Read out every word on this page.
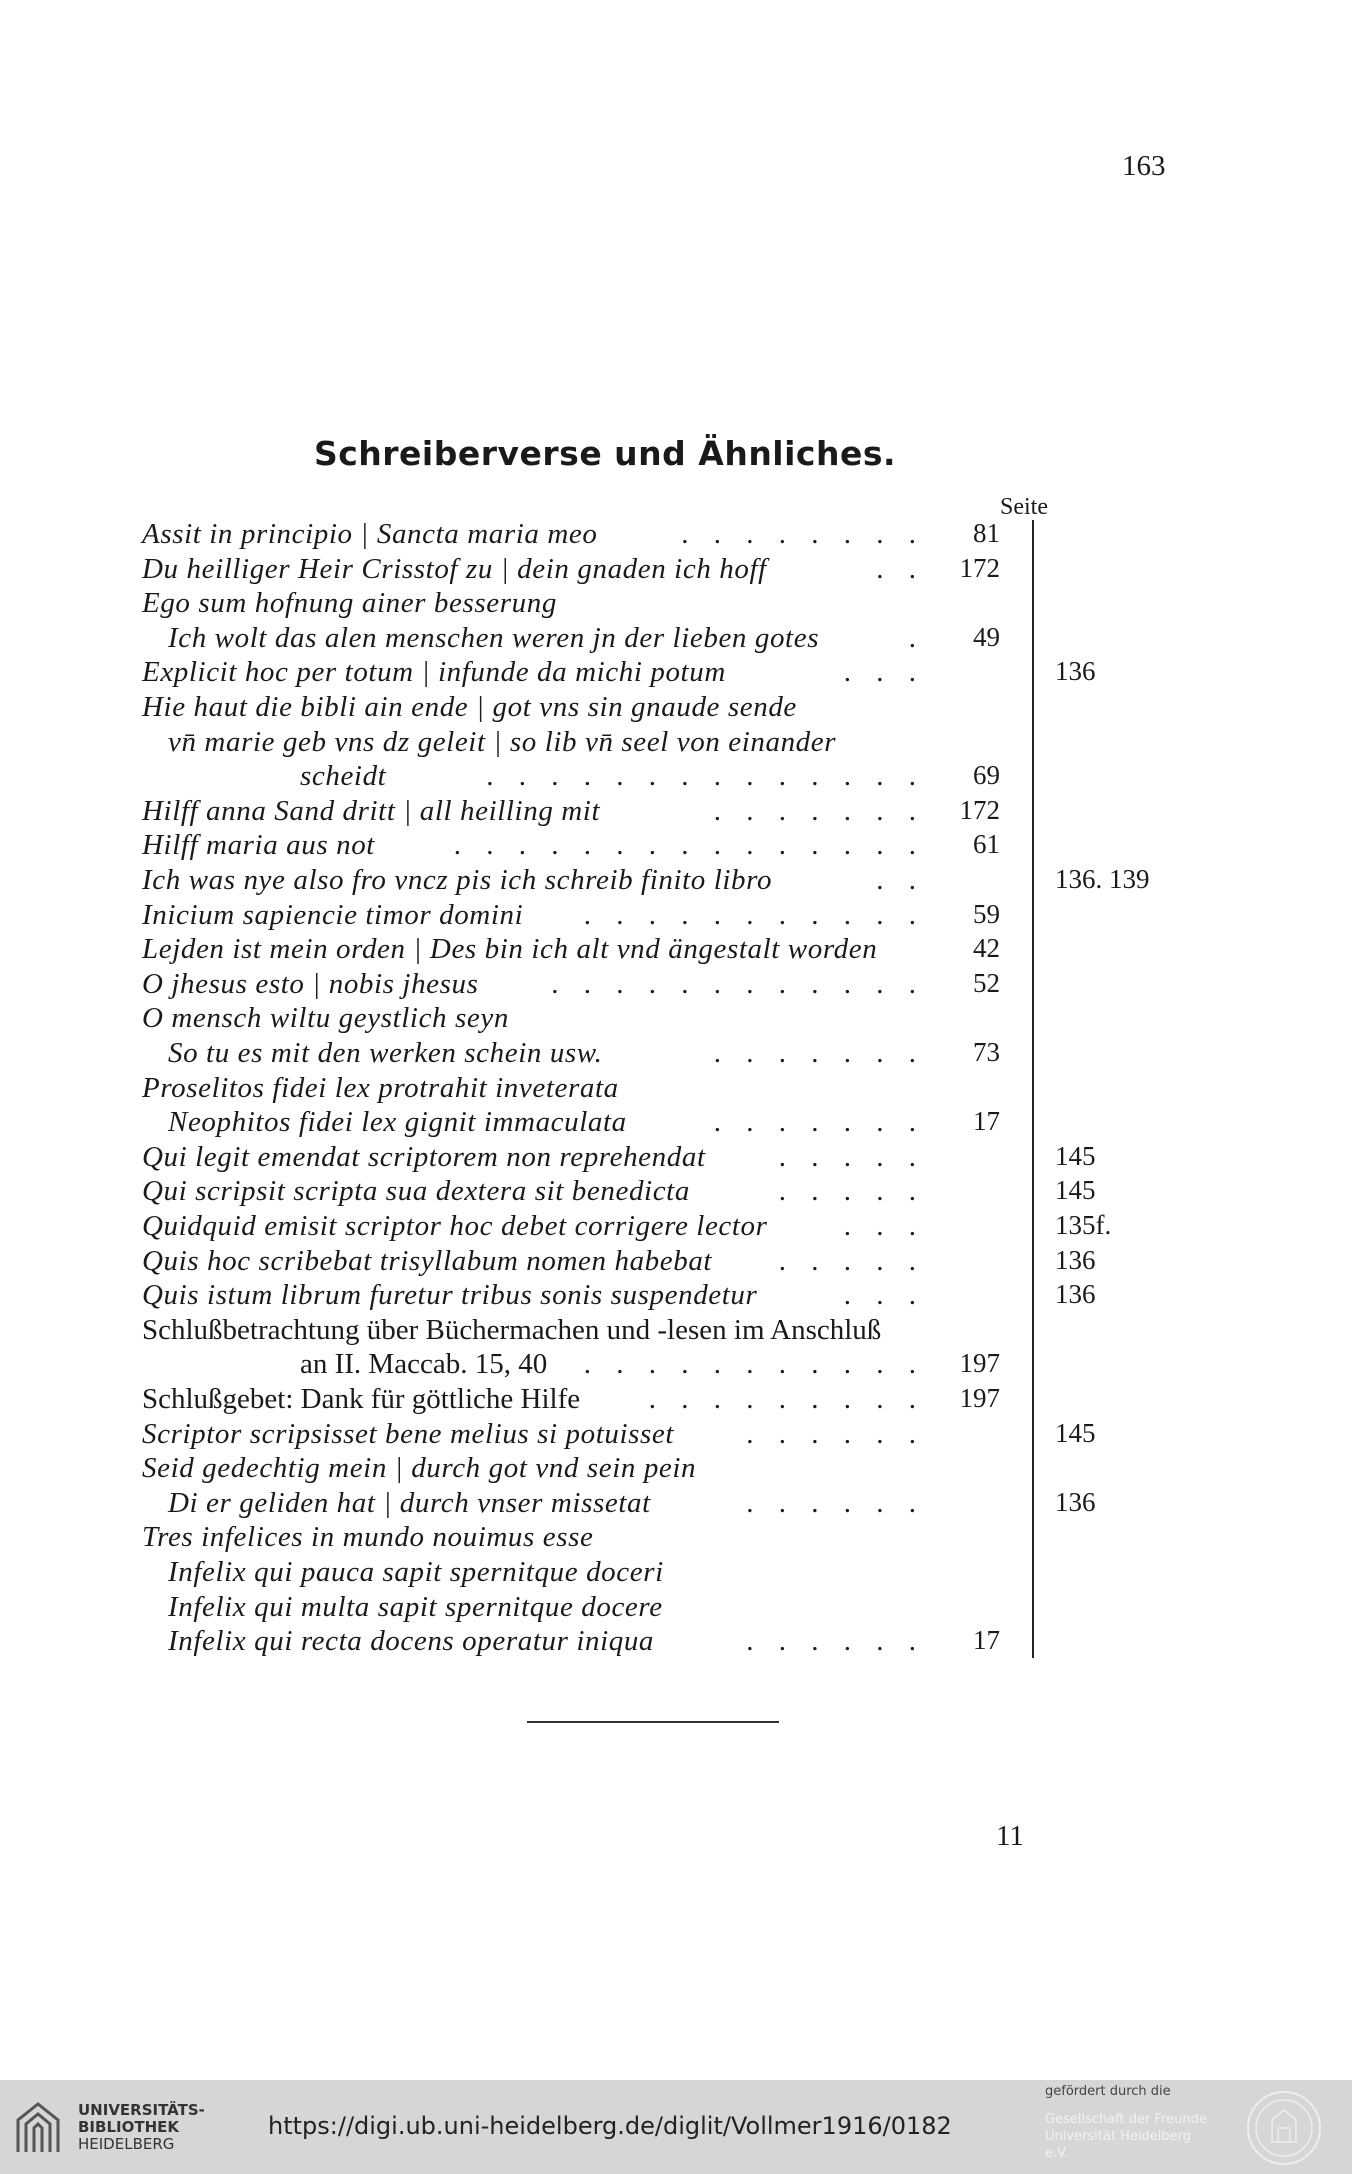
163
Schreiberverse und Ähnliches.
Seite
Assit in principio | Sancta maria meo	. . . . . . . .	81
Du heilliger Heir Crisstof zu | dein gnaden ich hoff	. .	172
Ego sum hofnung ainer besserung
Ich wolt das alen menschen weren jn der lieben gotes	.	49
Explicit hoc per totum | infunde da michi potum	. . .	136
Hie haut die bibli ain ende | got vns sin gnaude sende
vn̄ marie geb vns dz geleit | so lib vn̄ seel von einander
scheidt	. . . . . . . . . . . . . .	69
Hilff anna Sand dritt | all heilling mit	. . . . . . .	172
Hilff maria aus not	. . . . . . . . . . . . . . .	61
Ich was nye also fro vncz pis ich schreib finito libro	. .	136. 139
Inicium sapiencie timor domini . . . . . . . . . . .	59
Lejden ist mein orden | Des bin ich alt vnd ängestalt worden	42
O jhesus esto | nobis jhesus	. . . . . . . . . . . .	52
O mensch wiltu geystlich seyn
So tu es mit den werken schein usw.	. . . . . . .	73
Proselitos fidei lex protrahit inveterata
Neophitos fidei lex gignit immaculata	. . . . . . .	17
Qui legit emendat scriptorem non reprehendat	. . . . .	145
Qui scripsit scripta sua dextera sit benedicta	. . . . .	145
Quidquid emisit scriptor hoc debet corrigere lector	. . .	135f.
Quis hoc scribebat trisyllabum nomen habebat . . . . .	136
Quis istum librum furetur tribus sonis suspendetur	. . .	136
Schlußbetrachtung über Büchermachen und -lesen im Anschluß
an II. Maccab. 15, 40 . . . . . . . . . . .	197
Schlußgebet: Dank für göttliche Hilfe . . . . . . . . .	197
Scriptor scripsisset bene melius si potuisset . . . . . .	145
Seid gedechtig mein | durch got vnd sein pein
Di er geliden hat | durch vnser missetat	. . . . . .	136
Tres infelices in mundo nouimus esse
Infelix qui pauca sapit spernitque doceri
Infelix qui multa sapit spernitque docere
Infelix qui recta docens operatur iniqua	. . . . . .	17
11
UNIVERSITÄTS-
BIBLIOTHEK
HEIDELBERG
https://digi.ub.uni-heidelberg.de/diglit/Vollmer1916/0182
gefördert durch die
Gesellschaft der Freunde
Universität Heidelberg e.V.
